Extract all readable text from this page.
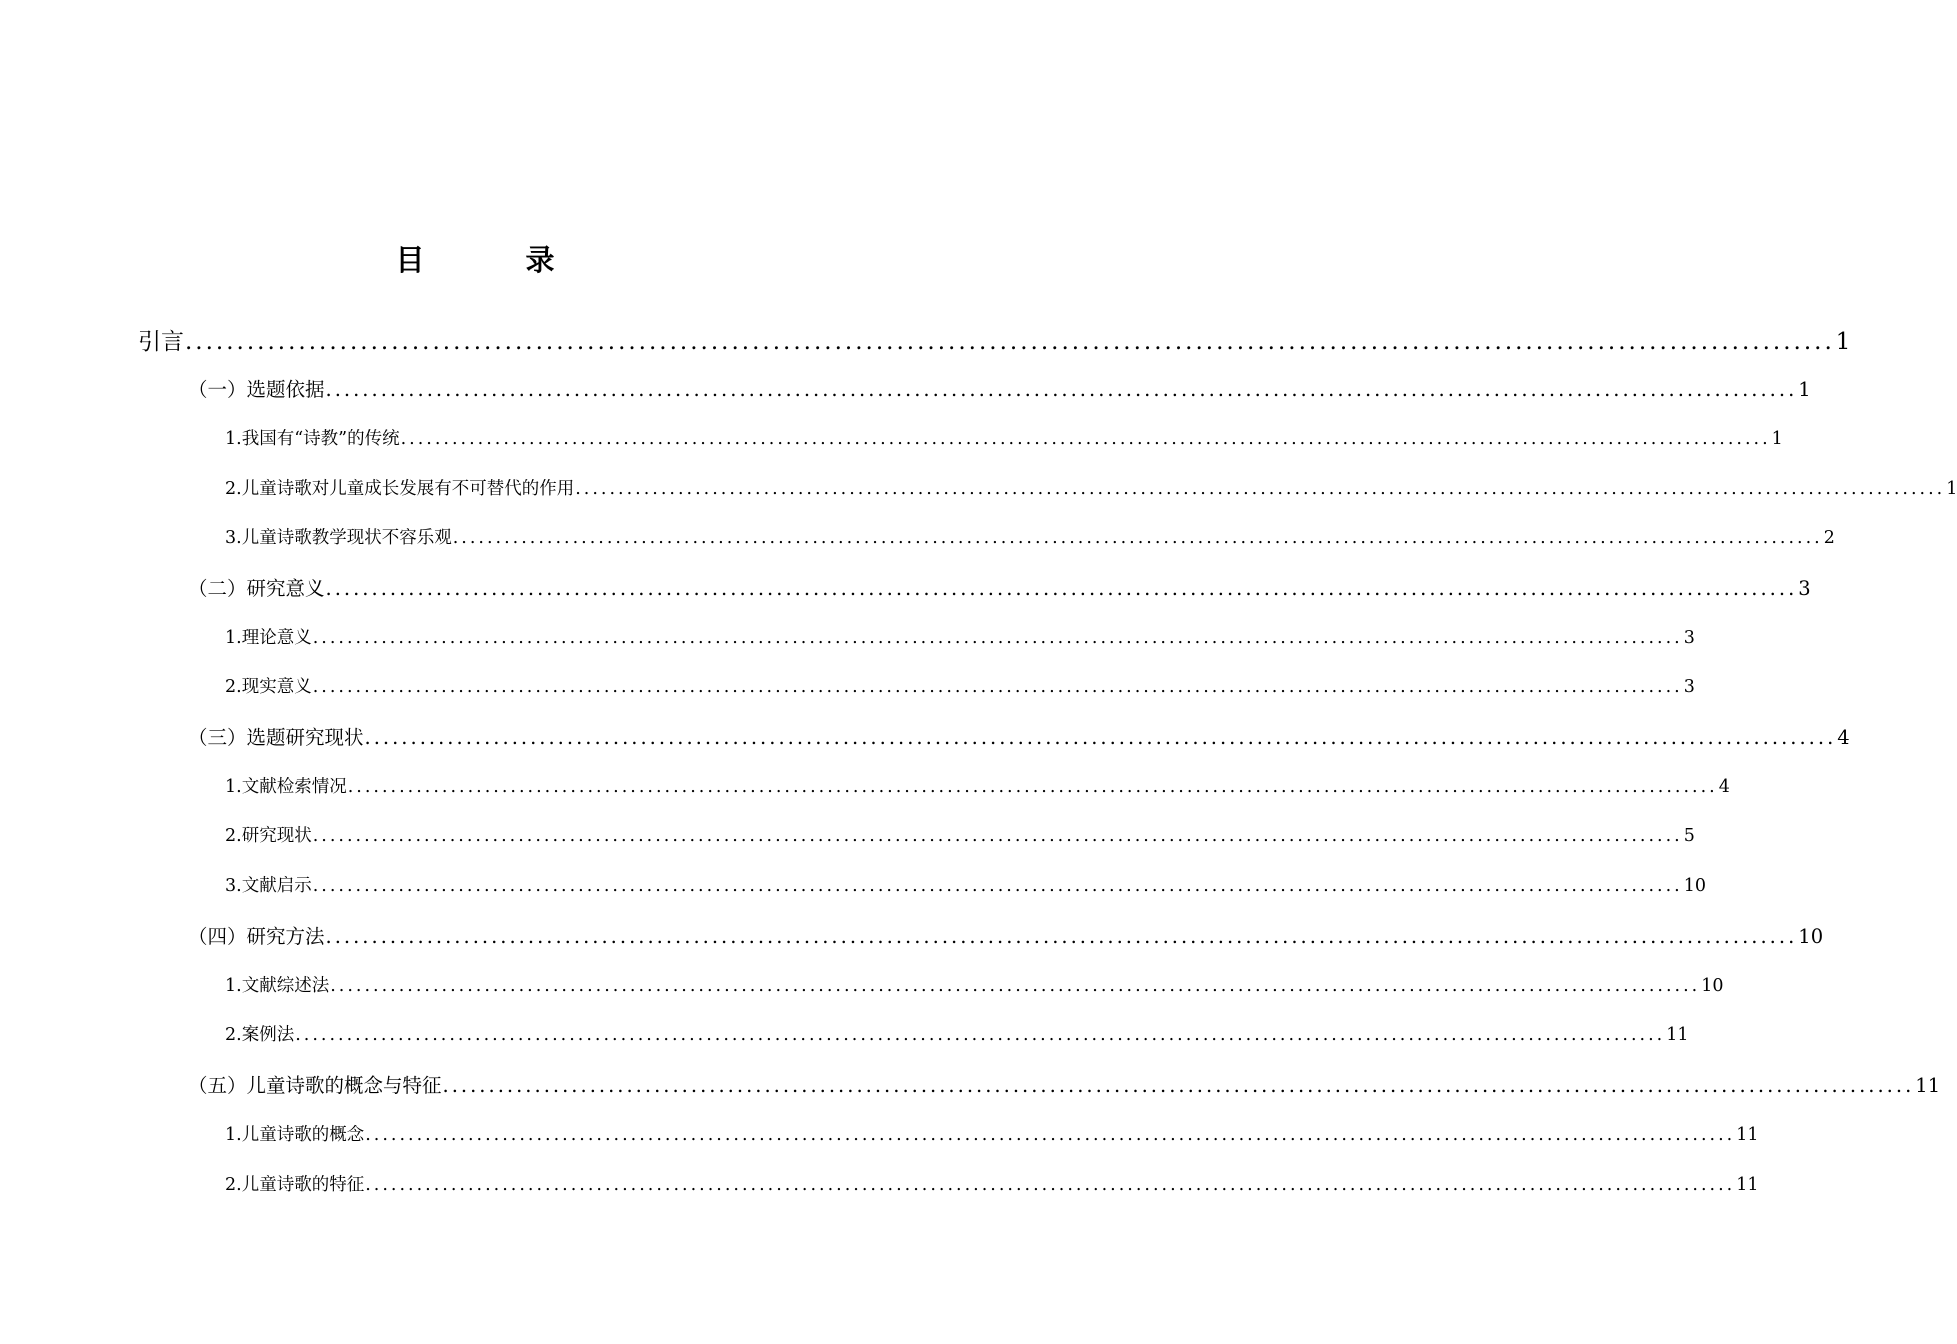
目　录
引言 ................................................................................................................................................................ 1
（一）选题依据 ................................................................................................................................................................ 1
1.我国有“诗教”的传统 ................................................................................................................................................................ 1
2.儿童诗歌对儿童成长发展有不可替代的作用 ................................................................................................................................................................ 1
3.儿童诗歌教学现状不容乐观 ................................................................................................................................................................ 2
（二）研究意义 ................................................................................................................................................................ 3
1.理论意义 ................................................................................................................................................................ 3
2.现实意义 ................................................................................................................................................................ 3
（三）选题研究现状 ................................................................................................................................................................ 4
1.文献检索情况 ................................................................................................................................................................ 4
2.研究现状 ................................................................................................................................................................ 5
3.文献启示 ................................................................................................................................................................ 10
（四）研究方法 ................................................................................................................................................................ 10
1.文献综述法 ................................................................................................................................................................ 10
2.案例法 ................................................................................................................................................................ 11
（五）儿童诗歌的概念与特征 ................................................................................................................................................................ 11
1.儿童诗歌的概念 ................................................................................................................................................................ 11
2.儿童诗歌的特征 ................................................................................................................................................................ 11
